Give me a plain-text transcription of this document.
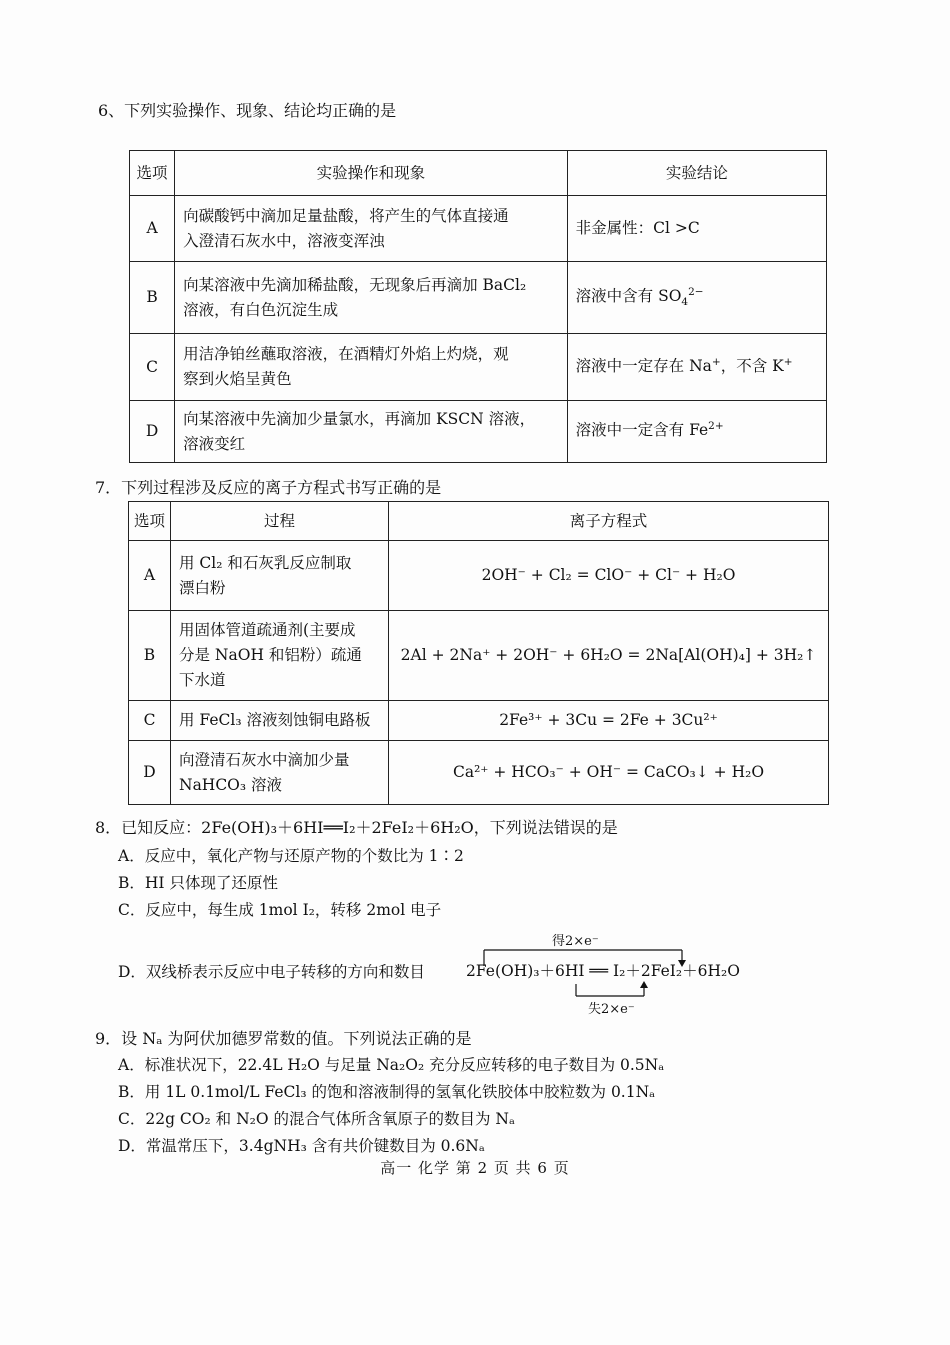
6、下列实验操作、现象、结论均正确的是
选项	实验操作和现象	实验结论
A	向碳酸钙中滴加足量盐酸，将产生的气体直接通
入澄清石灰水中，溶液变浑浊	非金属性：Cl >C
B	向某溶液中先滴加稀盐酸，无现象后再滴加 BaCl₂
溶液，有白色沉淀生成	溶液中含有 $SO_4^{2-}$
C	用洁净铂丝蘸取溶液，在酒精灯外焰上灼烧，观
察到火焰呈黄色	溶液中一定存在 Na+，不含 K+
D	向某溶液中先滴加少量氯水，再滴加 KSCN 溶液，
溶液变红	溶液中一定含有 $Fe^{2+}$
7．下列过程涉及反应的离子方程式书写正确的是
选项	过程	离子方程式
A	用 Cl₂ 和石灰乳反应制取
漂白粉	2OH⁻ + Cl₂ = ClO⁻ + Cl⁻ + H₂O
B	用固体管道疏通剂(主要成
分是 NaOH 和铝粉）疏通
下水道	2Al + 2Na⁺ + 2OH⁻ + 6H₂O = 2Na[Al(OH)₄] + 3H₂↑
C	用 FeCl₃ 溶液刻蚀铜电路板	2Fe³⁺ + 3Cu = 2Fe + 3Cu²⁺
D	向澄清石灰水中滴加少量
NaHCO₃ 溶液	Ca²⁺ + HCO₃⁻ + OH⁻ = CaCO₃↓ + H₂O
8．已知反应：2Fe(OH)₃＋6HI══I₂＋2FeI₂＋6H₂O，下列说法错误的是
A．反应中，氧化产物与还原产物的个数比为 1∶2
B．HI 只体现了还原性
C．反应中，每生成 1mol I₂，转移 2mol 电子
D．双线桥表示反应中电子转移的方向和数目
得2×e⁻
2Fe(OH)₃＋6HI ══ I₂＋2FeI₂＋6H₂O
失2×e⁻
9．设 Nₐ 为阿伏加德罗常数的值。下列说法正确的是
A．标准状况下，22.4L H₂O 与足量 Na₂O₂ 充分反应转移的电子数目为 0.5Nₐ
B．用 1L 0.1mol/L FeCl₃ 的饱和溶液制得的氢氧化铁胶体中胶粒数为 0.1Nₐ
C．22g CO₂ 和 N₂O 的混合气体所含氧原子的数目为 Nₐ
D．常温常压下，3.4gNH₃ 含有共价键数目为 0.6Nₐ
高一 化学 第 2 页 共 6 页
